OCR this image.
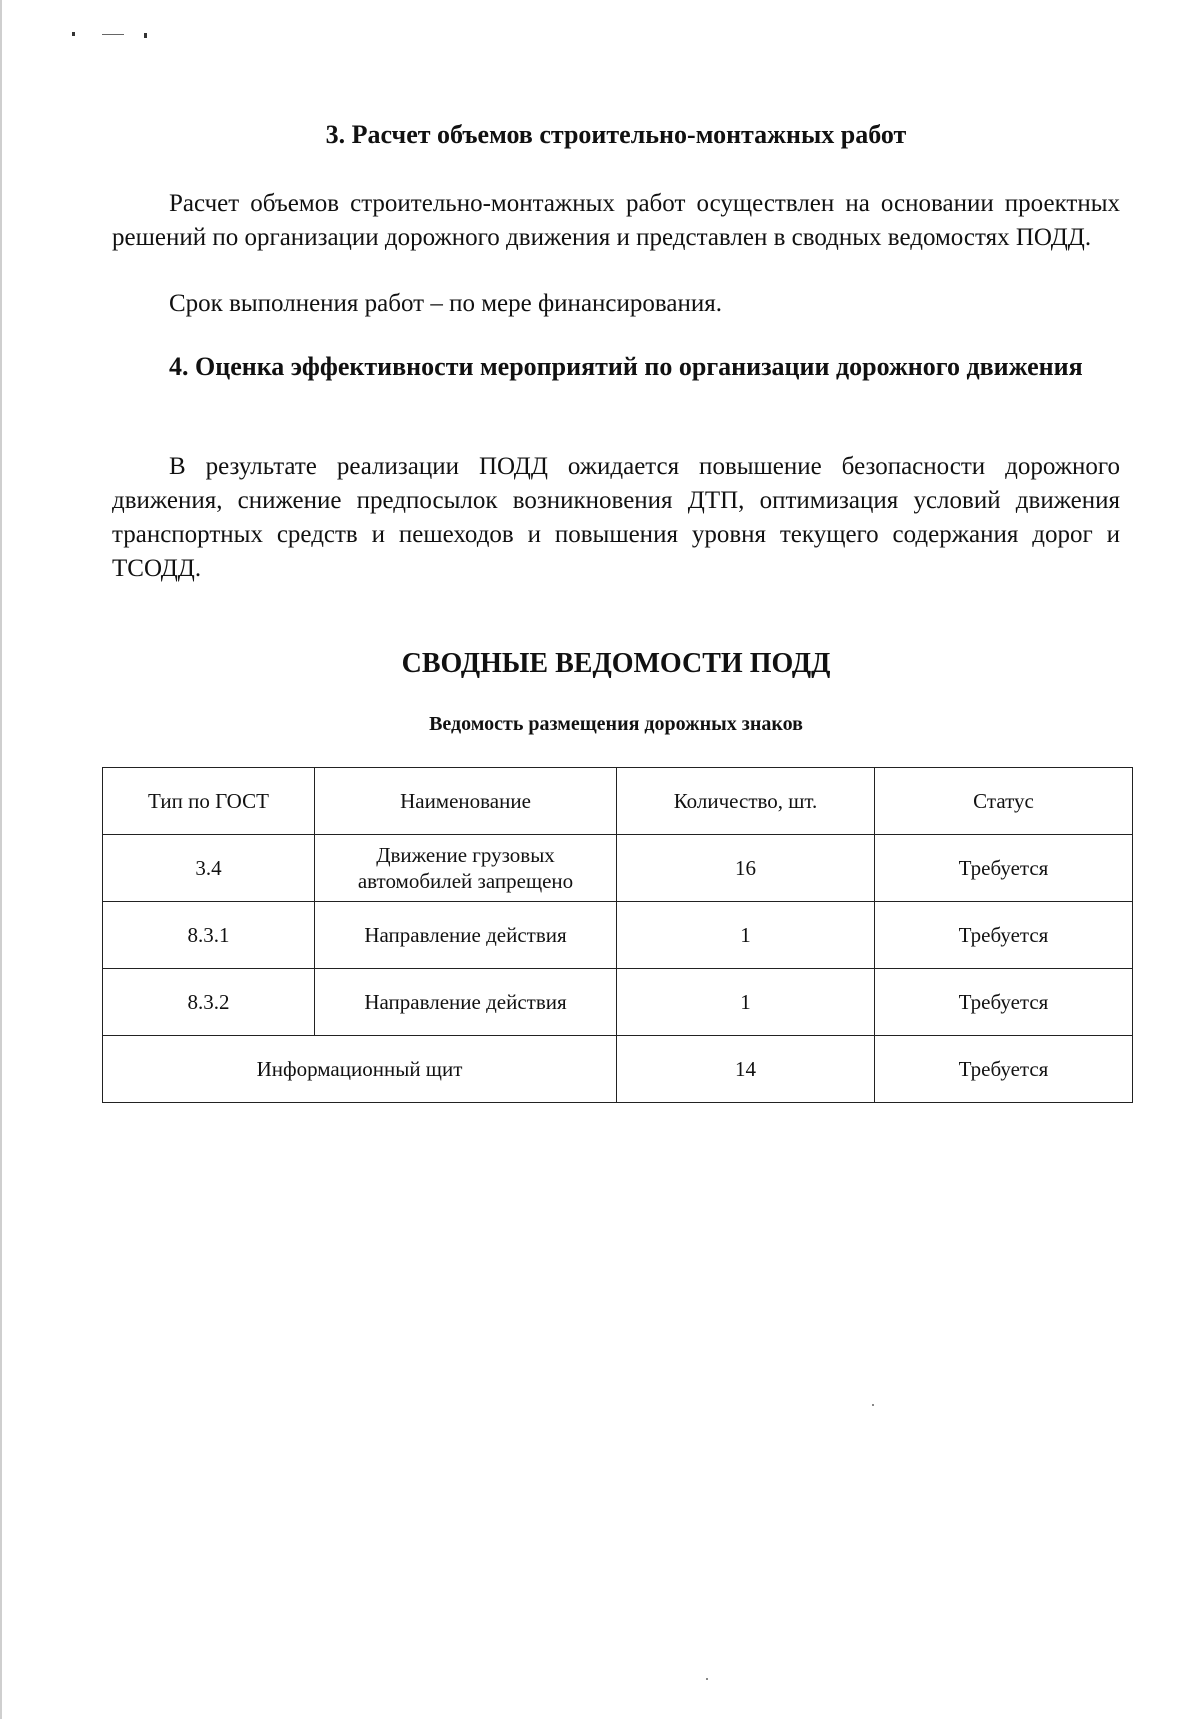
3. Расчет объемов строительно-монтажных работ

Расчет объемов строительно-монтажных работ осуществлен на основании проектных решений по организации дорожного движения и представлен в сводных ведомостях ПОДД.

Срок выполнения работ – по мере финансирования.

4. Оценка эффективности мероприятий по организации дорожного движения

В результате реализации ПОДД ожидается повышение безопасности дорожного движения, снижение предпосылок возникновения ДТП, оптимизация условий движения транспортных средств и пешеходов и повышения уровня текущего содержания дорог и ТСОДД.

СВОДНЫЕ ВЕДОМОСТИ ПОДД

Ведомость размещения дорожных знаков

Тип по ГОСТ	Наименование	Количество, шт.	Статус
3.4	Движение грузовых автомобилей запрещено	16	Требуется
8.3.1	Направление действия	1	Требуется
8.3.2	Направление действия	1	Требуется
Информационный щит		14	Требуется
